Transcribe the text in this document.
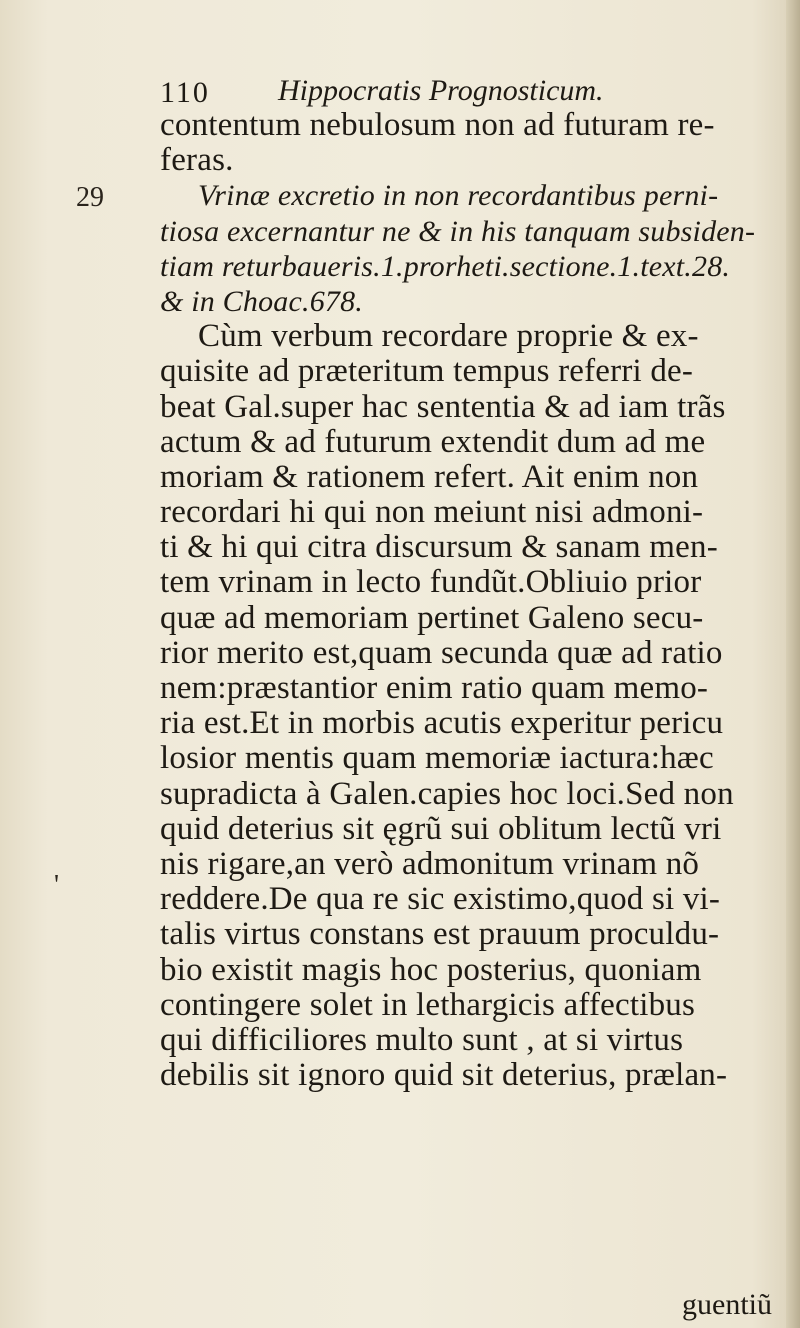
110 Hippocratis Prognosticum.
29
'
contentum nebulosum non ad futuram re-
feras.
Vrinæ excretio in non recordantibus perni-
tiosa excernantur ne & in his tanquam subsiden-
tiam returbaueris.1.prorheti.sectione.1.text.28.
& in Choac.678.
Cùm verbum recordare proprie & ex-
quisite ad præteritum tempus referri de-
beat Gal.super hac sententia & ad iam trãs
actum & ad futurum extendit dum ad me
moriam & rationem refert. Ait enim non
recordari hi qui non meiunt nisi admoni-
ti & hi qui citra discursum & sanam men-
tem vrinam in lecto fundũt.Obliuio prior
quæ ad memoriam pertinet Galeno secu-
rior merito est,quam secunda quæ ad ratio
nem:præstantior enim ratio quam memo-
ria est.Et in morbis acutis experitur pericu
losior mentis quam memoriæ iactura:hæc
supradicta à Galen.capies hoc loci.Sed non
quid deterius sit ęgrũ sui oblitum lectũ vri
nis rigare,an verò admonitum vrinam nõ
reddere.De qua re sic existimo,quod si vi-
talis virtus constans est prauum proculdu-
bio existit magis hoc posterius, quoniam
contingere solet in lethargicis affectibus
qui difficiliores multo sunt , at si virtus
debilis sit ignoro quid sit deterius, prælan-
guentiũ
